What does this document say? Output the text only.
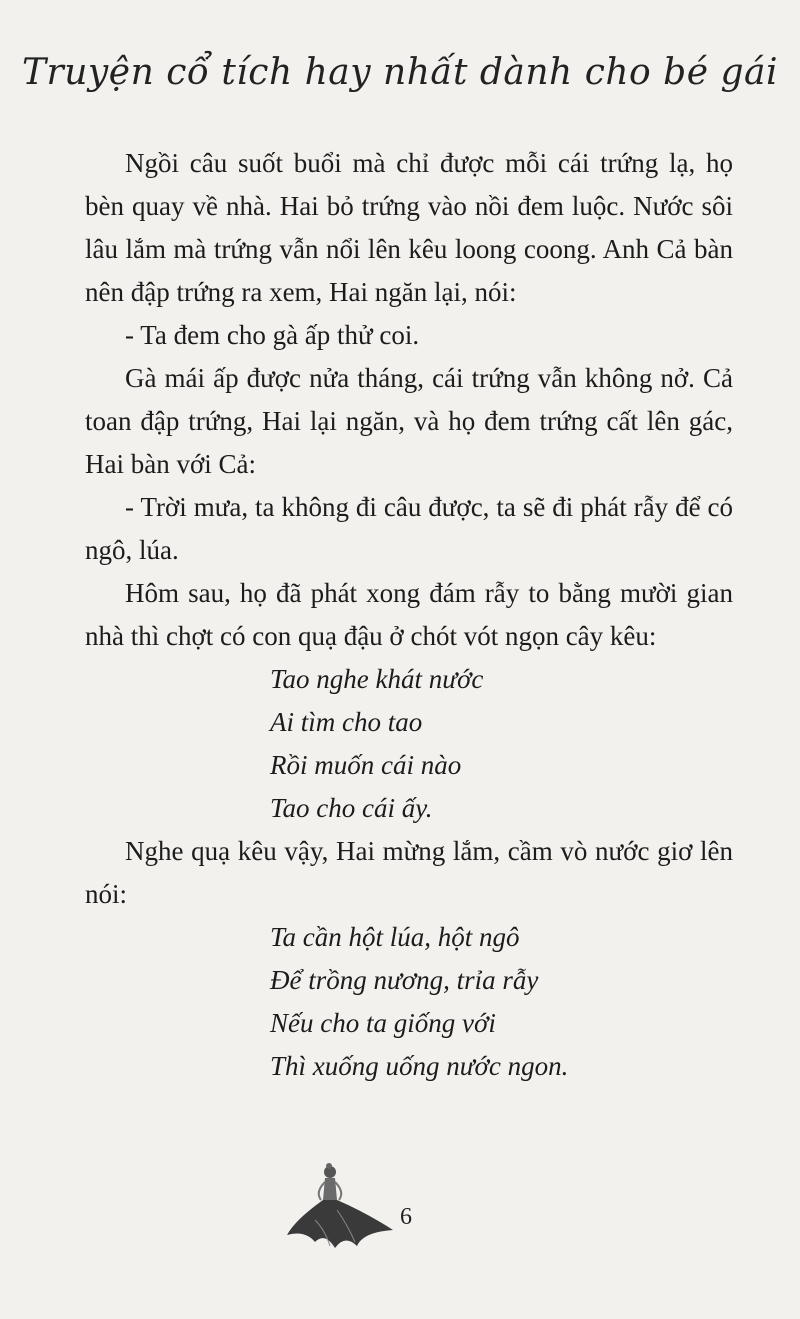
Truyện cổ tích hay nhất dành cho bé gái

Ngồi câu suốt buổi mà chỉ được mỗi cái trứng lạ, họ bèn quay về nhà. Hai bỏ trứng vào nồi đem luộc. Nước sôi lâu lắm mà trứng vẫn nổi lên kêu loong coong. Anh Cả bàn nên đập trứng ra xem, Hai ngăn lại, nói:

- Ta đem cho gà ấp thử coi.

Gà mái ấp được nửa tháng, cái trứng vẫn không nở. Cả toan đập trứng, Hai lại ngăn, và họ đem trứng cất lên gác, Hai bàn với Cả:

- Trời mưa, ta không đi câu được, ta sẽ đi phát rẫy để có ngô, lúa.

Hôm sau, họ đã phát xong đám rẫy to bằng mười gian nhà thì chợt có con quạ đậu ở chót vót ngọn cây kêu:

Tao nghe khát nước
Ai tìm cho tao
Rồi muốn cái nào
Tao cho cái ấy.

Nghe quạ kêu vậy, Hai mừng lắm, cầm vò nước giơ lên nói:

Ta cần hột lúa, hột ngô
Để trồng nương, trỉa rẫy
Nếu cho ta giống với
Thì xuống uống nước ngon.
6
